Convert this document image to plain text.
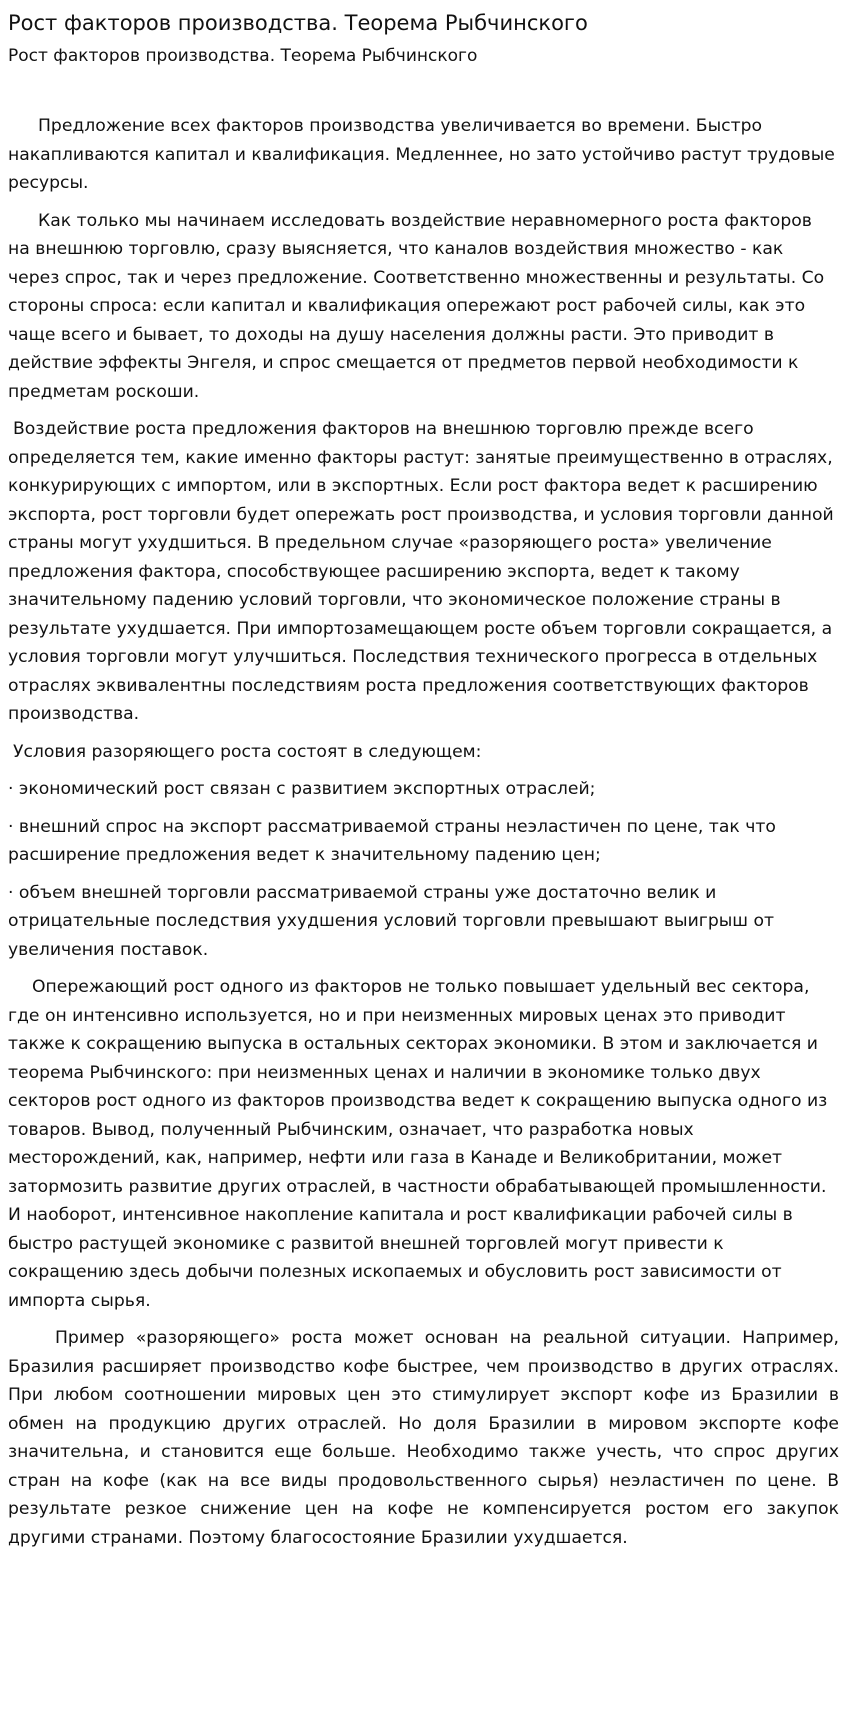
Рост факторов производства. Теорема Рыбчинского
Рост факторов производства. Теорема Рыбчинского

Предложение всех факторов производства увеличивается во времени. Быстро накапливаются капитал и квалификация. Медленнее, но зато устойчиво растут трудовые ресурсы.

Как только мы начинаем исследовать воздействие неравномерного роста факторов на внешнюю торговлю, сразу выясняется, что каналов воздействия множество - как через спрос, так и через предложение. Соответственно множественны и результаты. Со стороны спроса: если капитал и квалификация опережают рост рабочей силы, как это чаще всего и бывает, то доходы на душу населения должны расти. Это приводит в действие эффекты Энгеля, и спрос смещается от предметов первой необходимости к предметам роскоши.

Воздействие роста предложения факторов на внешнюю торговлю прежде всего определяется тем, какие именно факторы растут: занятые преимущественно в отраслях, конкурирующих с импортом, или в экспортных. Если рост фактора ведет к расширению экспорта, рост торговли будет опережать рост производства, и условия торговли данной страны могут ухудшиться. В предельном случае «разоряющего роста» увеличение предложения фактора, способствующее расширению экспорта, ведет к такому значительному падению условий торговли, что экономическое положение страны в результате ухудшается. При импортозамещающем росте объем торговли сокращается, а условия торговли могут улучшиться. Последствия технического прогресса в отдельных отраслях эквивалентны последствиям роста предложения соответствующих факторов производства.

Условия разоряющего роста состоят в следующем:

· экономический рост связан с развитием экспортных отраслей;

· внешний спрос на экспорт рассматриваемой страны неэластичен по цене, так что расширение предложения ведет к значительному падению цен;

· объем внешней торговли рассматриваемой страны уже достаточно велик и отрицательные последствия ухудшения условий торговли превышают выигрыш от увеличения поставок.

Опережающий рост одного из факторов не только повышает удельный вес сектора, где он интенсивно используется, но и при неизменных мировых ценах это приводит также к сокращению выпуска в остальных секторах экономики. В этом и заключается и теорема Рыбчинского: при неизменных ценах и наличии в экономике только двух секторов рост одного из факторов производства ведет к сокращению выпуска одного из товаров. Вывод, полученный Рыбчинским, означает, что разработка новых месторождений, как, например, нефти или газа в Канаде и Великобритании, может затормозить развитие других отраслей, в частности обрабатывающей промышленности. И наоборот, интенсивное накопление капитала и рост квалификации рабочей силы в быстро растущей экономике с развитой внешней торговлей могут привести к сокращению здесь добычи полезных ископаемых и обусловить рост зависимости от импорта сырья.

Пример «разоряющего» роста может основан на реальной ситуации. Например, Бразилия расширяет производство кофе быстрее, чем производство в других отраслях. При любом соотношении мировых цен это стимулирует экспорт кофе из Бразилии в обмен на продукцию других отраслей. Но доля Бразилии в мировом экспорте кофе значительна, и становится еще больше. Необходимо также учесть, что спрос других стран на кофе (как на все виды продовольственного сырья) неэластичен по цене. В результате резкое снижение цен на кофе не компенсируется ростом его закупок другими странами. Поэтому благосостояние Бразилии ухудшается.
